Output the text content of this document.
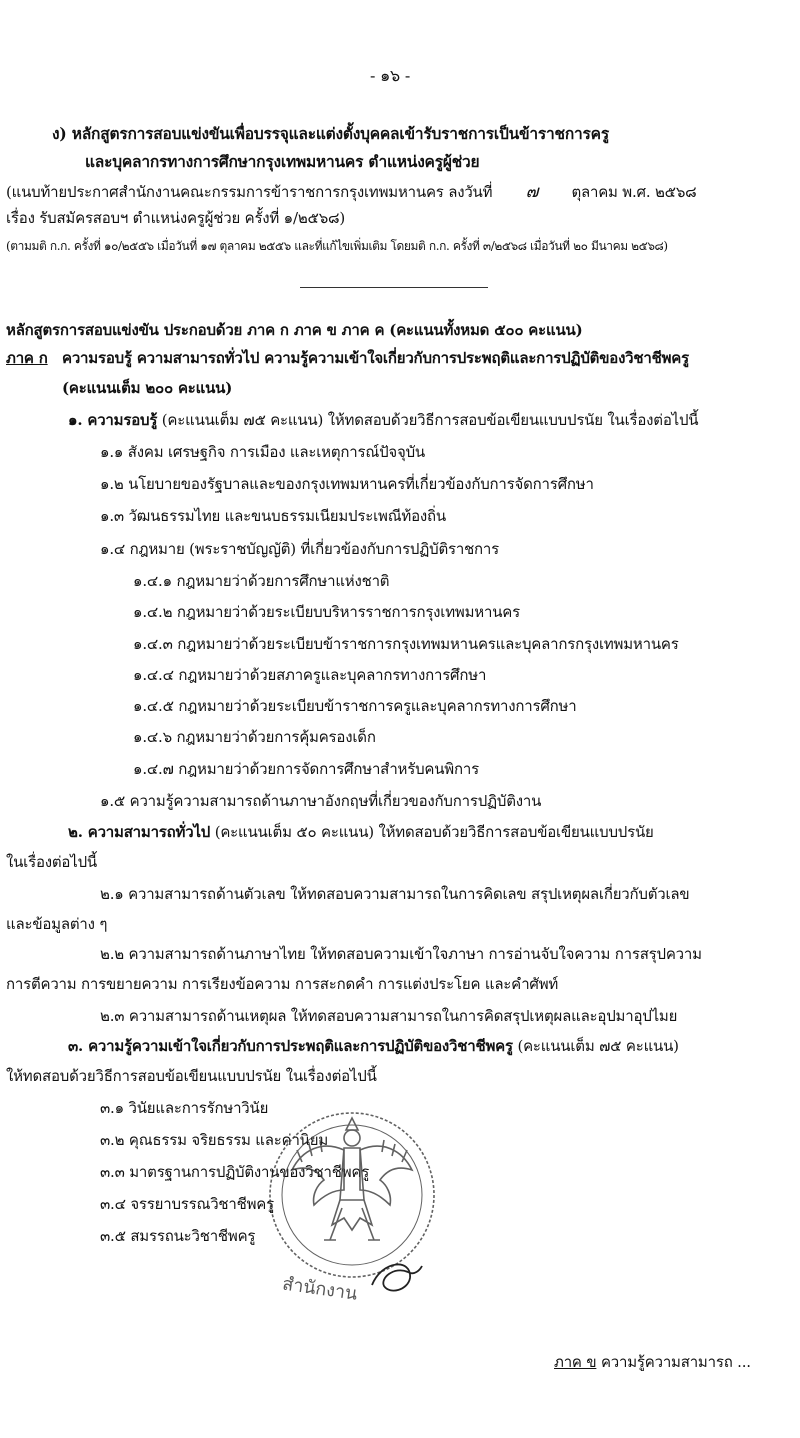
- ๑๖ -
ง) หลักสูตรการสอบแข่งขันเพื่อบรรจุและแต่งตั้งบุคคลเข้ารับราชการเป็นข้าราชการครู
และบุคลากรทางการศึกษากรุงเทพมหานคร ตำแหน่งครูผู้ช่วย
(แนบท้ายประกาศสำนักงานคณะกรรมการข้าราชการกรุงเทพมหานคร ลงวันที่ ๗ ตุลาคม พ.ศ. ๒๕๖๘
เรื่อง รับสมัครสอบฯ ตำแหน่งครูผู้ช่วย ครั้งที่ ๑/๒๕๖๘)
(ตามมติ ก.ก. ครั้งที่ ๑๐/๒๕๕๖ เมื่อวันที่ ๑๗ ตุลาคม ๒๕๕๖ และที่แก้ไขเพิ่มเติม โดยมติ ก.ก. ครั้งที่ ๓/๒๕๖๘ เมื่อวันที่ ๒๐ มีนาคม ๒๕๖๘)
หลักสูตรการสอบแข่งขัน ประกอบด้วย ภาค ก ภาค ข ภาค ค (คะแนนทั้งหมด ๕๐๐ คะแนน)
ภาค ก ความรอบรู้ ความสามารถทั่วไป ความรู้ความเข้าใจเกี่ยวกับการประพฤติและการปฏิบัติของวิชาชีพครู
(คะแนนเต็ม ๒๐๐ คะแนน)
๑. ความรอบรู้ (คะแนนเต็ม ๗๕ คะแนน) ให้ทดสอบด้วยวิธีการสอบข้อเขียนแบบปรนัย ในเรื่องต่อไปนี้
๑.๑ สังคม เศรษฐกิจ การเมือง และเหตุการณ์ปัจจุบัน
๑.๒ นโยบายของรัฐบาลและของกรุงเทพมหานครที่เกี่ยวข้องกับการจัดการศึกษา
๑.๓ วัฒนธรรมไทย และขนบธรรมเนียมประเพณีท้องถิ่น
๑.๔ กฎหมาย (พระราชบัญญัติ) ที่เกี่ยวข้องกับการปฏิบัติราชการ
๑.๔.๑ กฎหมายว่าด้วยการศึกษาแห่งชาติ
๑.๔.๒ กฎหมายว่าด้วยระเบียบบริหารราชการกรุงเทพมหานคร
๑.๔.๓ กฎหมายว่าด้วยระเบียบข้าราชการกรุงเทพมหานครและบุคลากรกรุงเทพมหานคร
๑.๔.๔ กฎหมายว่าด้วยสภาครูและบุคลากรทางการศึกษา
๑.๔.๕ กฎหมายว่าด้วยระเบียบข้าราชการครูและบุคลากรทางการศึกษา
๑.๔.๖ กฎหมายว่าด้วยการคุ้มครองเด็ก
๑.๔.๗ กฎหมายว่าด้วยการจัดการศึกษาสำหรับคนพิการ
๑.๕ ความรู้ความสามารถด้านภาษาอังกฤษที่เกี่ยวของกับการปฏิบัติงาน
๒. ความสามารถทั่วไป (คะแนนเต็ม ๕๐ คะแนน) ให้ทดสอบด้วยวิธีการสอบข้อเขียนแบบปรนัย
ในเรื่องต่อไปนี้
๒.๑ ความสามารถด้านตัวเลข ให้ทดสอบความสามารถในการคิดเลข สรุปเหตุผลเกี่ยวกับตัวเลข
และข้อมูลต่าง ๆ
๒.๒ ความสามารถด้านภาษาไทย ให้ทดสอบความเข้าใจภาษา การอ่านจับใจความ การสรุปความ
การตีความ การขยายความ การเรียงข้อความ การสะกดคำ การแต่งประโยค และคำศัพท์
๒.๓ ความสามารถด้านเหตุผล ให้ทดสอบความสามารถในการคิดสรุปเหตุผลและอุปมาอุปไมย
๓. ความรู้ความเข้าใจเกี่ยวกับการประพฤติและการปฏิบัติของวิชาชีพครู (คะแนนเต็ม ๗๕ คะแนน)
ให้ทดสอบด้วยวิธีการสอบข้อเขียนแบบปรนัย ในเรื่องต่อไปนี้
๓.๑ วินัยและการรักษาวินัย
๓.๒ คุณธรรม จริยธรรม และค่านิยม
๓.๓ มาตรฐานการปฏิบัติงานของวิชาชีพครู
๓.๔ จรรยาบรรณวิชาชีพครู
๓.๕ สมรรถนะวิชาชีพครู
สำนักงาน
ภาค ข ความรู้ความสามารถ ...
